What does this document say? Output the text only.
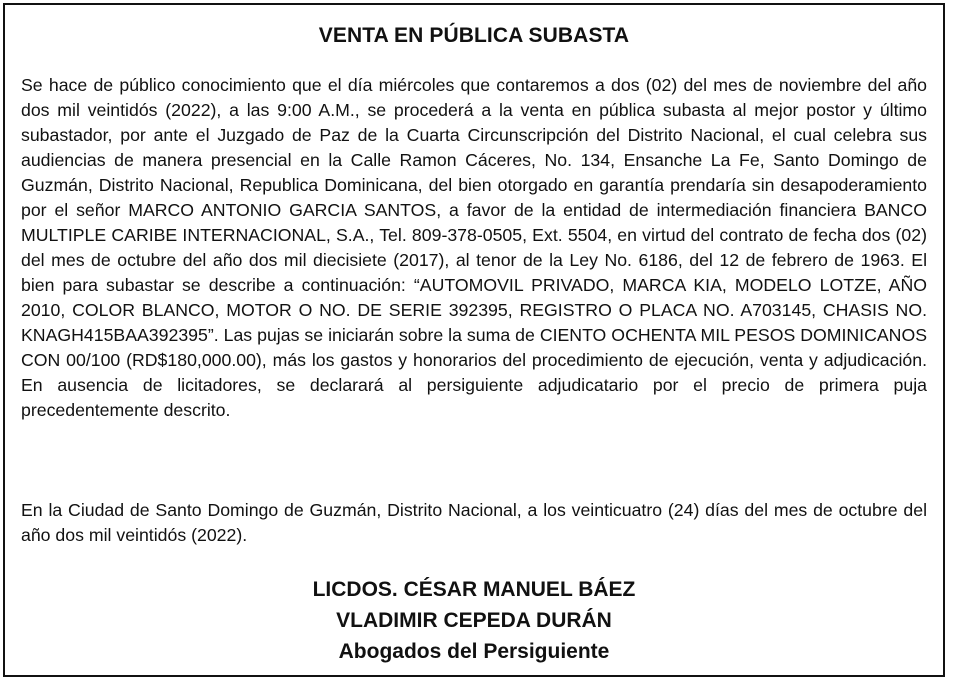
VENTA EN PÚBLICA SUBASTA

Se hace de público conocimiento que el día miércoles que contaremos a dos (02) del mes de noviembre del año dos mil veintidós (2022), a las 9:00 A.M., se procederá a la venta en pública subasta al mejor postor y último subastador, por ante el Juzgado de Paz de la Cuarta Circunscripción del Distrito Nacional, el cual celebra sus audiencias de manera presencial en la Calle Ramon Cáceres, No. 134, Ensanche La Fe, Santo Domingo de Guzmán, Distrito Nacional, Republica Dominicana, del bien otorgado en garantía prendaría sin desapoderamiento por el señor MARCO ANTONIO GARCIA SANTOS, a favor de la entidad de intermediación financiera BANCO MULTIPLE CARIBE INTERNACIONAL, S.A., Tel. 809-378-0505, Ext. 5504, en virtud del contrato de fecha dos (02) del mes de octubre del año dos mil diecisiete (2017), al tenor de la Ley No. 6186, del 12 de febrero de 1963. El bien para subastar se describe a continuación: “AUTOMOVIL PRIVADO, MARCA KIA, MODELO LOTZE, AÑO 2010, COLOR BLANCO, MOTOR O NO. DE SERIE 392395, REGISTRO O PLACA NO. A703145, CHASIS NO. KNAGH415BAA392395”. Las pujas se iniciarán sobre la suma de CIENTO OCHENTA MIL PESOS DOMINICANOS CON 00/100 (RD$180,000.00), más los gastos y honorarios del procedimiento de ejecución, venta y adjudicación. En ausencia de licitadores, se declarará al persiguiente adjudicatario por el precio de primera puja precedentemente descrito.

En la Ciudad de Santo Domingo de Guzmán, Distrito Nacional, a los veinticuatro (24) días del mes de octubre del año dos mil veintidós (2022).

LICDOS. CÉSAR MANUEL BÁEZ
VLADIMIR CEPEDA DURÁN
Abogados del Persiguiente
